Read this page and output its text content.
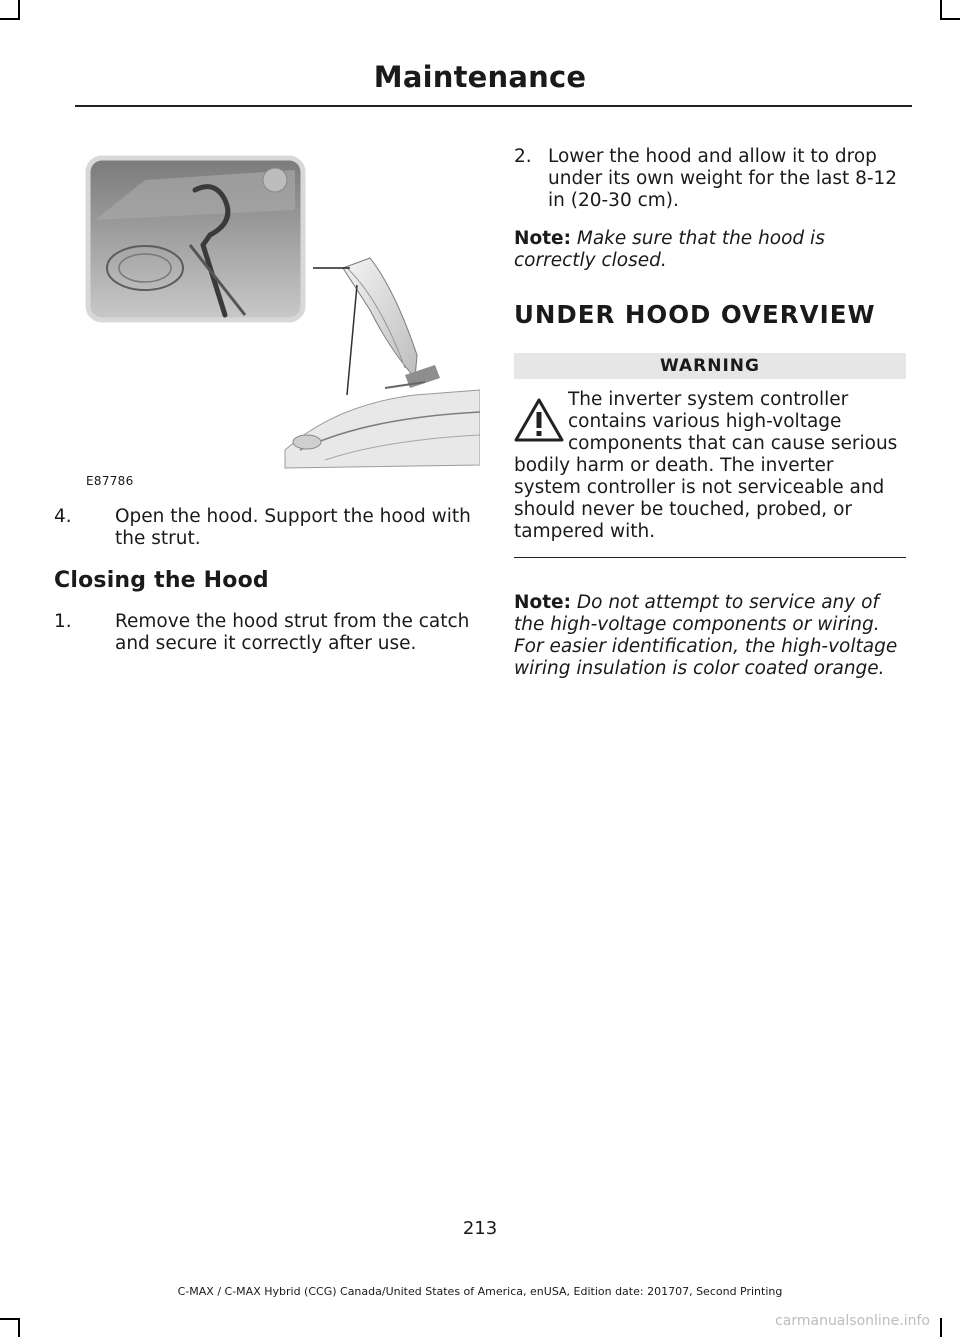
Maintenance
E87786
4.	Open the hood. Support the hood with the strut.
Closing the Hood
1.	Remove the hood strut from the catch and secure it correctly after use.
2. Lower the hood and allow it to drop under its own weight for the last 8-12 in (20-30 cm).
Note: Make sure that the hood is correctly closed.
UNDER HOOD OVERVIEW
WARNING
The inverter system controller contains various high-voltage components that can cause serious bodily harm or death. The inverter system controller is not serviceable and should never be touched, probed, or tampered with.
Note: Do not attempt to service any of the high-voltage components or wiring. For easier identification, the high-voltage wiring insulation is color coated orange.
213
C-MAX / C-MAX Hybrid (CCG) Canada/United States of America, enUSA, Edition date: 201707, Second Printing
carmanualsonline.info
